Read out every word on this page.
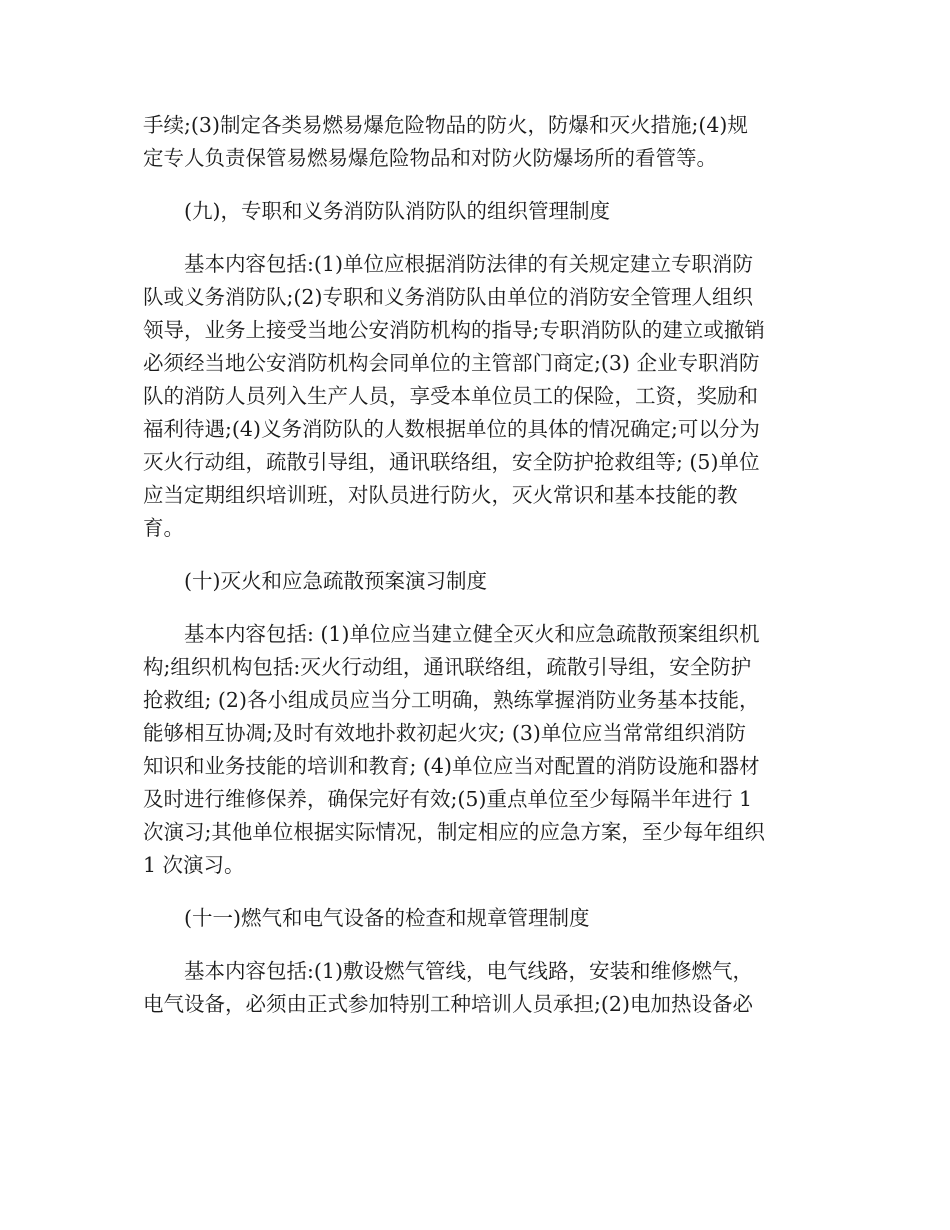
手续;(3)制定各类易燃易爆危险物品的防火，防爆和灭火措施;(4)规
定专人负责保管易燃易爆危险物品和对防火防爆场所的看管等。
(九)，专职和义务消防队消防队的组织管理制度
基本内容包括:(1)单位应根据消防法律的有关规定建立专职消防
队或义务消防队;(2)专职和义务消防队由单位的消防安全管理人组织
领导，业务上接受当地公安消防机构的指导;专职消防队的建立或撤销
必须经当地公安消防机构会同单位的主管部门商定;(3) 企业专职消防
队的消防人员列入生产人员，享受本单位员工的保险，工资，奖励和
福利待遇;(4)义务消防队的人数根据单位的具体的情况确定;可以分为
灭火行动组，疏散引导组，通讯联络组，安全防护抢救组等; (5)单位
应当定期组织培训班，对队员进行防火，灭火常识和基本技能的教
育。
(十)灭火和应急疏散预案演习制度
基本内容包括: (1)单位应当建立健全灭火和应急疏散预案组织机
构;组织机构包括:灭火行动组，通讯联络组，疏散引导组，安全防护
抢救组; (2)各小组成员应当分工明确，熟练掌握消防业务基本技能，
能够相互协凋;及时有效地扑救初起火灾; (3)单位应当常常组织消防
知识和业务技能的培训和教育; (4)单位应当对配置的消防设施和器材
及时进行维修保养，确保完好有效;(5)重点单位至少每隔半年进行 1
次演习;其他单位根据实际情况，制定相应的应急方案，至少每年组织
1 次演习。
(十一)燃气和电气设备的检查和规章管理制度
基本内容包括:(1)敷设燃气管线，电气线路，安装和维修燃气，
电气设备，必须由正式参加特别工种培训人员承担;(2)电加热设备必
